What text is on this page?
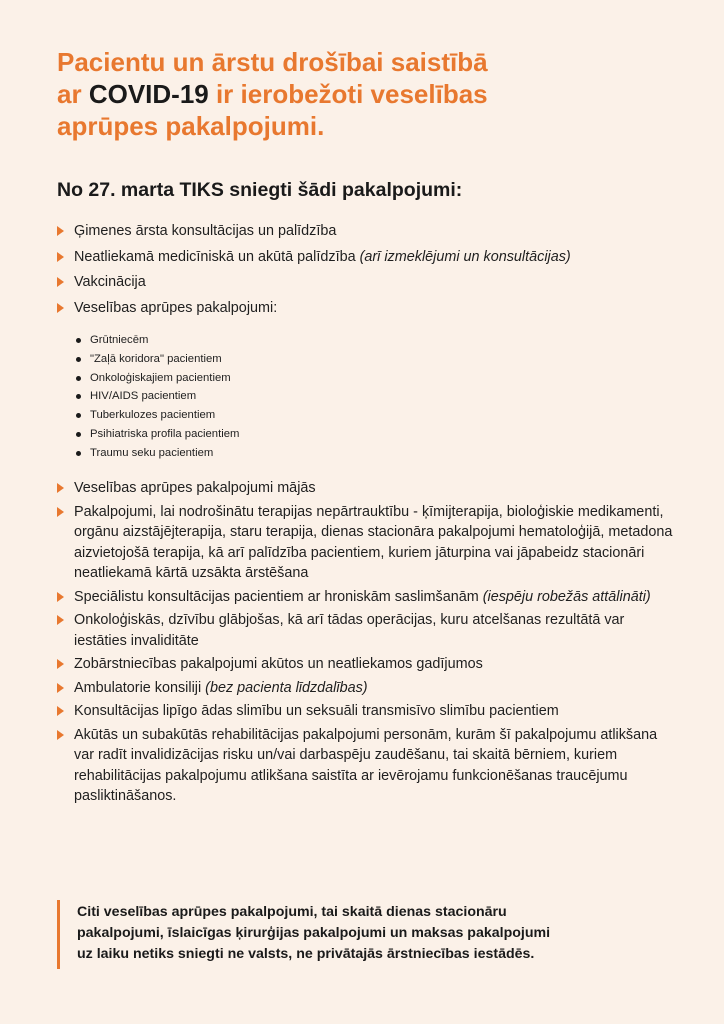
Pacientu un ārstu drošībai saistībā
ar COVID-19 ir ierobežoti veselības
aprūpes pakalpojumi.
No 27. marta TIKS sniegti šādi pakalpojumi:
Ģimenes ārsta konsultācijas un palīdzība
Neatliekamā medicīniskā un akūtā palīdzība (arī izmeklējumi un konsultācijas)
Vakcinācija
Veselības aprūpes pakalpojumi:
Grūtniecēm
"Zaļā koridora" pacientiem
Onkoloģiskajiem pacientiem
HIV/AIDS pacientiem
Tuberkulozes pacientiem
Psihiatriska profila pacientiem
Traumu seku pacientiem
Veselības aprūpes pakalpojumi mājās
Pakalpojumi, lai nodrošinātu terapijas nepārtrauktību - ķīmijterapija, bioloģiskie medikamenti, orgānu aizstājējterapija, staru terapija, dienas stacionāra pakalpojumi hematoloģijā, metadona aizvietojošā terapija, kā arī palīdzība pacientiem, kuriem jāturpina vai jāpabeidz stacionāri neatliekamā kārtā uzsākta ārstēšana
Speciālistu konsultācijas pacientiem ar hroniskām saslimšanām (iespēju robežās attālināti)
Onkoloģiskās, dzīvību glābjošas, kā arī tādas operācijas, kuru atcelšanas rezultātā var iestāties invaliditāte
Zobārstniecības pakalpojumi akūtos un neatliekamos gadījumos
Ambulatorie konsiliji (bez pacienta līdzdalības)
Konsultācijas lipīgo ādas slimību un seksuāli transmisīvo slimību pacientiem
Akūtās un subakūtās rehabilitācijas pakalpojumi personām, kurām šī pakalpojumu atlikšana var radīt invalidizācijas risku un/vai darbaspēju zaudēšanu, tai skaitā bērniem, kuriem rehabilitācijas pakalpojumu atlikšana saistīta ar ievērojamu funkcionēšanas traucējumu pasliktināšanos.

Citi veselības aprūpes pakalpojumi, tai skaitā dienas stacionāru

pakalpojumi, īslaicīgas ķirurģijas pakalpojumi un maksas pakalpojumi

uz laiku netiks sniegti ne valsts, ne privātajās ārstniecības iestādēs.
